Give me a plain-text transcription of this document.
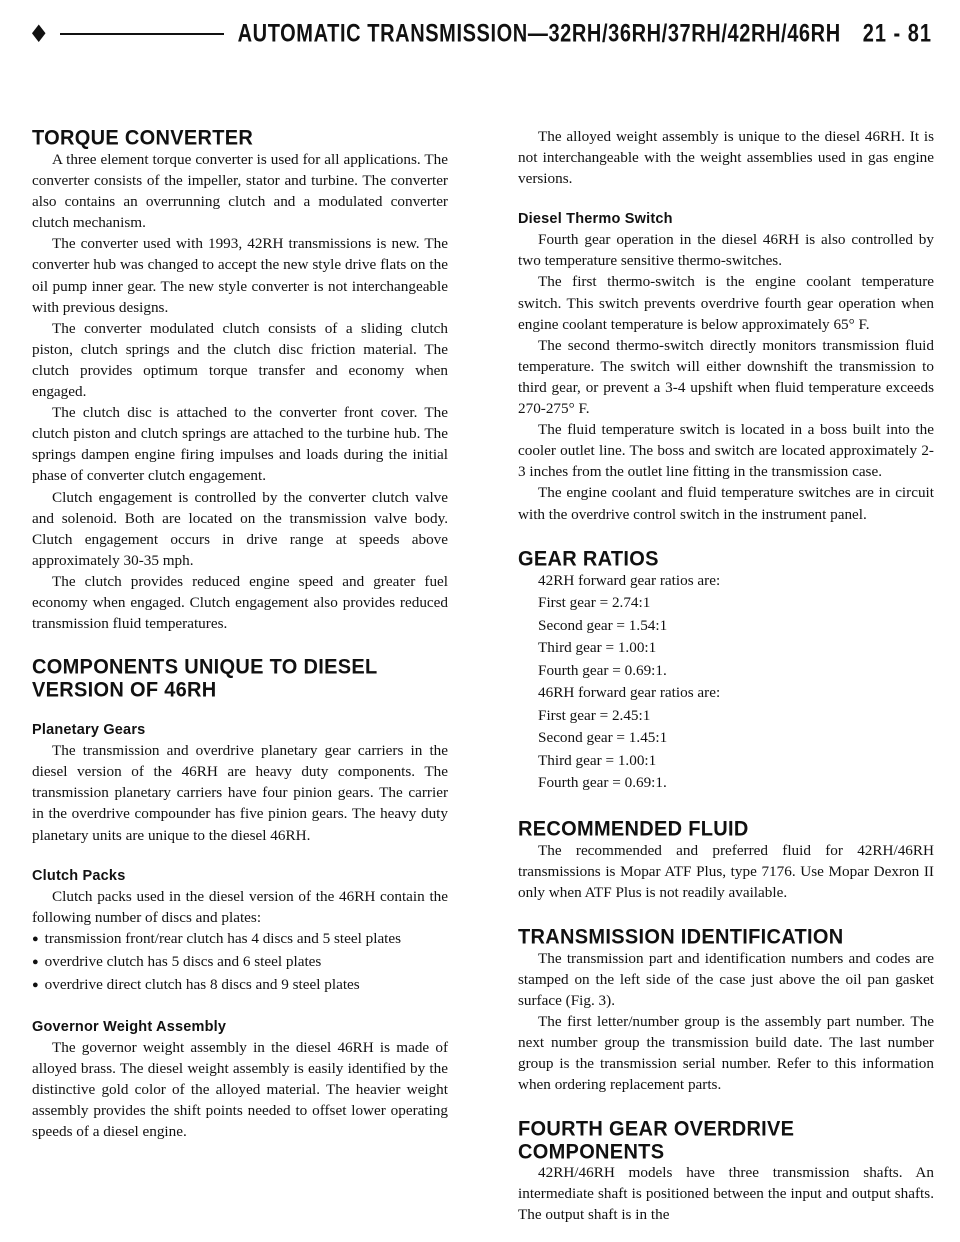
♦	AUTOMATIC TRANSMISSION—32RH/36RH/37RH/42RH/46RH 21 - 81
TORQUE CONVERTER

A three element torque converter is used for all applications. The converter consists of the impeller, stator and turbine. The converter also contains an overrunning clutch and a modulated converter clutch mechanism.

The converter used with 1993, 42RH transmissions is new. The converter hub was changed to accept the new style drive flats on the oil pump inner gear. The new style converter is not interchangeable with previous designs.

The converter modulated clutch consists of a sliding clutch piston, clutch springs and the clutch disc friction material. The clutch provides optimum torque transfer and economy when engaged.

The clutch disc is attached to the converter front cover. The clutch piston and clutch springs are attached to the turbine hub. The springs dampen engine firing impulses and loads during the initial phase of converter clutch engagement.

Clutch engagement is controlled by the converter clutch valve and solenoid. Both are located on the transmission valve body. Clutch engagement occurs in drive range at speeds above approximately 30-35 mph.

The clutch provides reduced engine speed and greater fuel economy when engaged. Clutch engagement also provides reduced transmission fluid temperatures.

COMPONENTS UNIQUE TO DIESEL VERSION OF 46RH
Planetary Gears

The transmission and overdrive planetary gear carriers in the diesel version of the 46RH are heavy duty components. The transmission planetary carriers have four pinion gears. The carrier in the overdrive compounder has five pinion gears. The heavy duty planetary units are unique to the diesel 46RH.

Clutch Packs

Clutch packs used in the diesel version of the 46RH contain the following number of discs and plates:

● transmission front/rear clutch has 4 discs and 5 steel plates
● overdrive clutch has 5 discs and 6 steel plates
● overdrive direct clutch has 8 discs and 9 steel plates
Governor Weight Assembly

The governor weight assembly in the diesel 46RH is made of alloyed brass. The diesel weight assembly is easily identified by the distinctive gold color of the alloyed material. The heavier weight assembly provides the shift points needed to offset lower operating speeds of a diesel engine.

The alloyed weight assembly is unique to the diesel 46RH. It is not interchangeable with the weight assemblies used in gas engine versions.

Diesel Thermo Switch

Fourth gear operation in the diesel 46RH is also controlled by two temperature sensitive thermo-switches.

The first thermo-switch is the engine coolant temperature switch. This switch prevents overdrive fourth gear operation when engine coolant temperature is below approximately 65° F.

The second thermo-switch directly monitors transmission fluid temperature. The switch will either downshift the transmission to third gear, or prevent a 3-4 upshift when fluid temperature exceeds 270-275° F.

The fluid temperature switch is located in a boss built into the cooler outlet line. The boss and switch are located approximately 2-3 inches from the outlet line fitting in the transmission case.

The engine coolant and fluid temperature switches are in circuit with the overdrive control switch in the instrument panel.

GEAR RATIOS
42RH forward gear ratios are:
First gear = 2.74:1
Second gear = 1.54:1
Third gear = 1.00:1
Fourth gear = 0.69:1.
46RH forward gear ratios are:
First gear = 2.45:1
Second gear = 1.45:1
Third gear = 1.00:1
Fourth gear = 0.69:1.
RECOMMENDED FLUID

The recommended and preferred fluid for 42RH/46RH transmissions is Mopar ATF Plus, type 7176. Use Mopar Dexron II only when ATF Plus is not readily available.

TRANSMISSION IDENTIFICATION

The transmission part and identification numbers and codes are stamped on the left side of the case just above the oil pan gasket surface (Fig. 3).

The first letter/number group is the assembly part number. The next number group the transmission build date. The last number group is the transmission serial number. Refer to this information when ordering replacement parts.

FOURTH GEAR OVERDRIVE COMPONENTS

42RH/46RH models have three transmission shafts. An intermediate shaft is positioned between the input and output shafts. The output shaft is in the
